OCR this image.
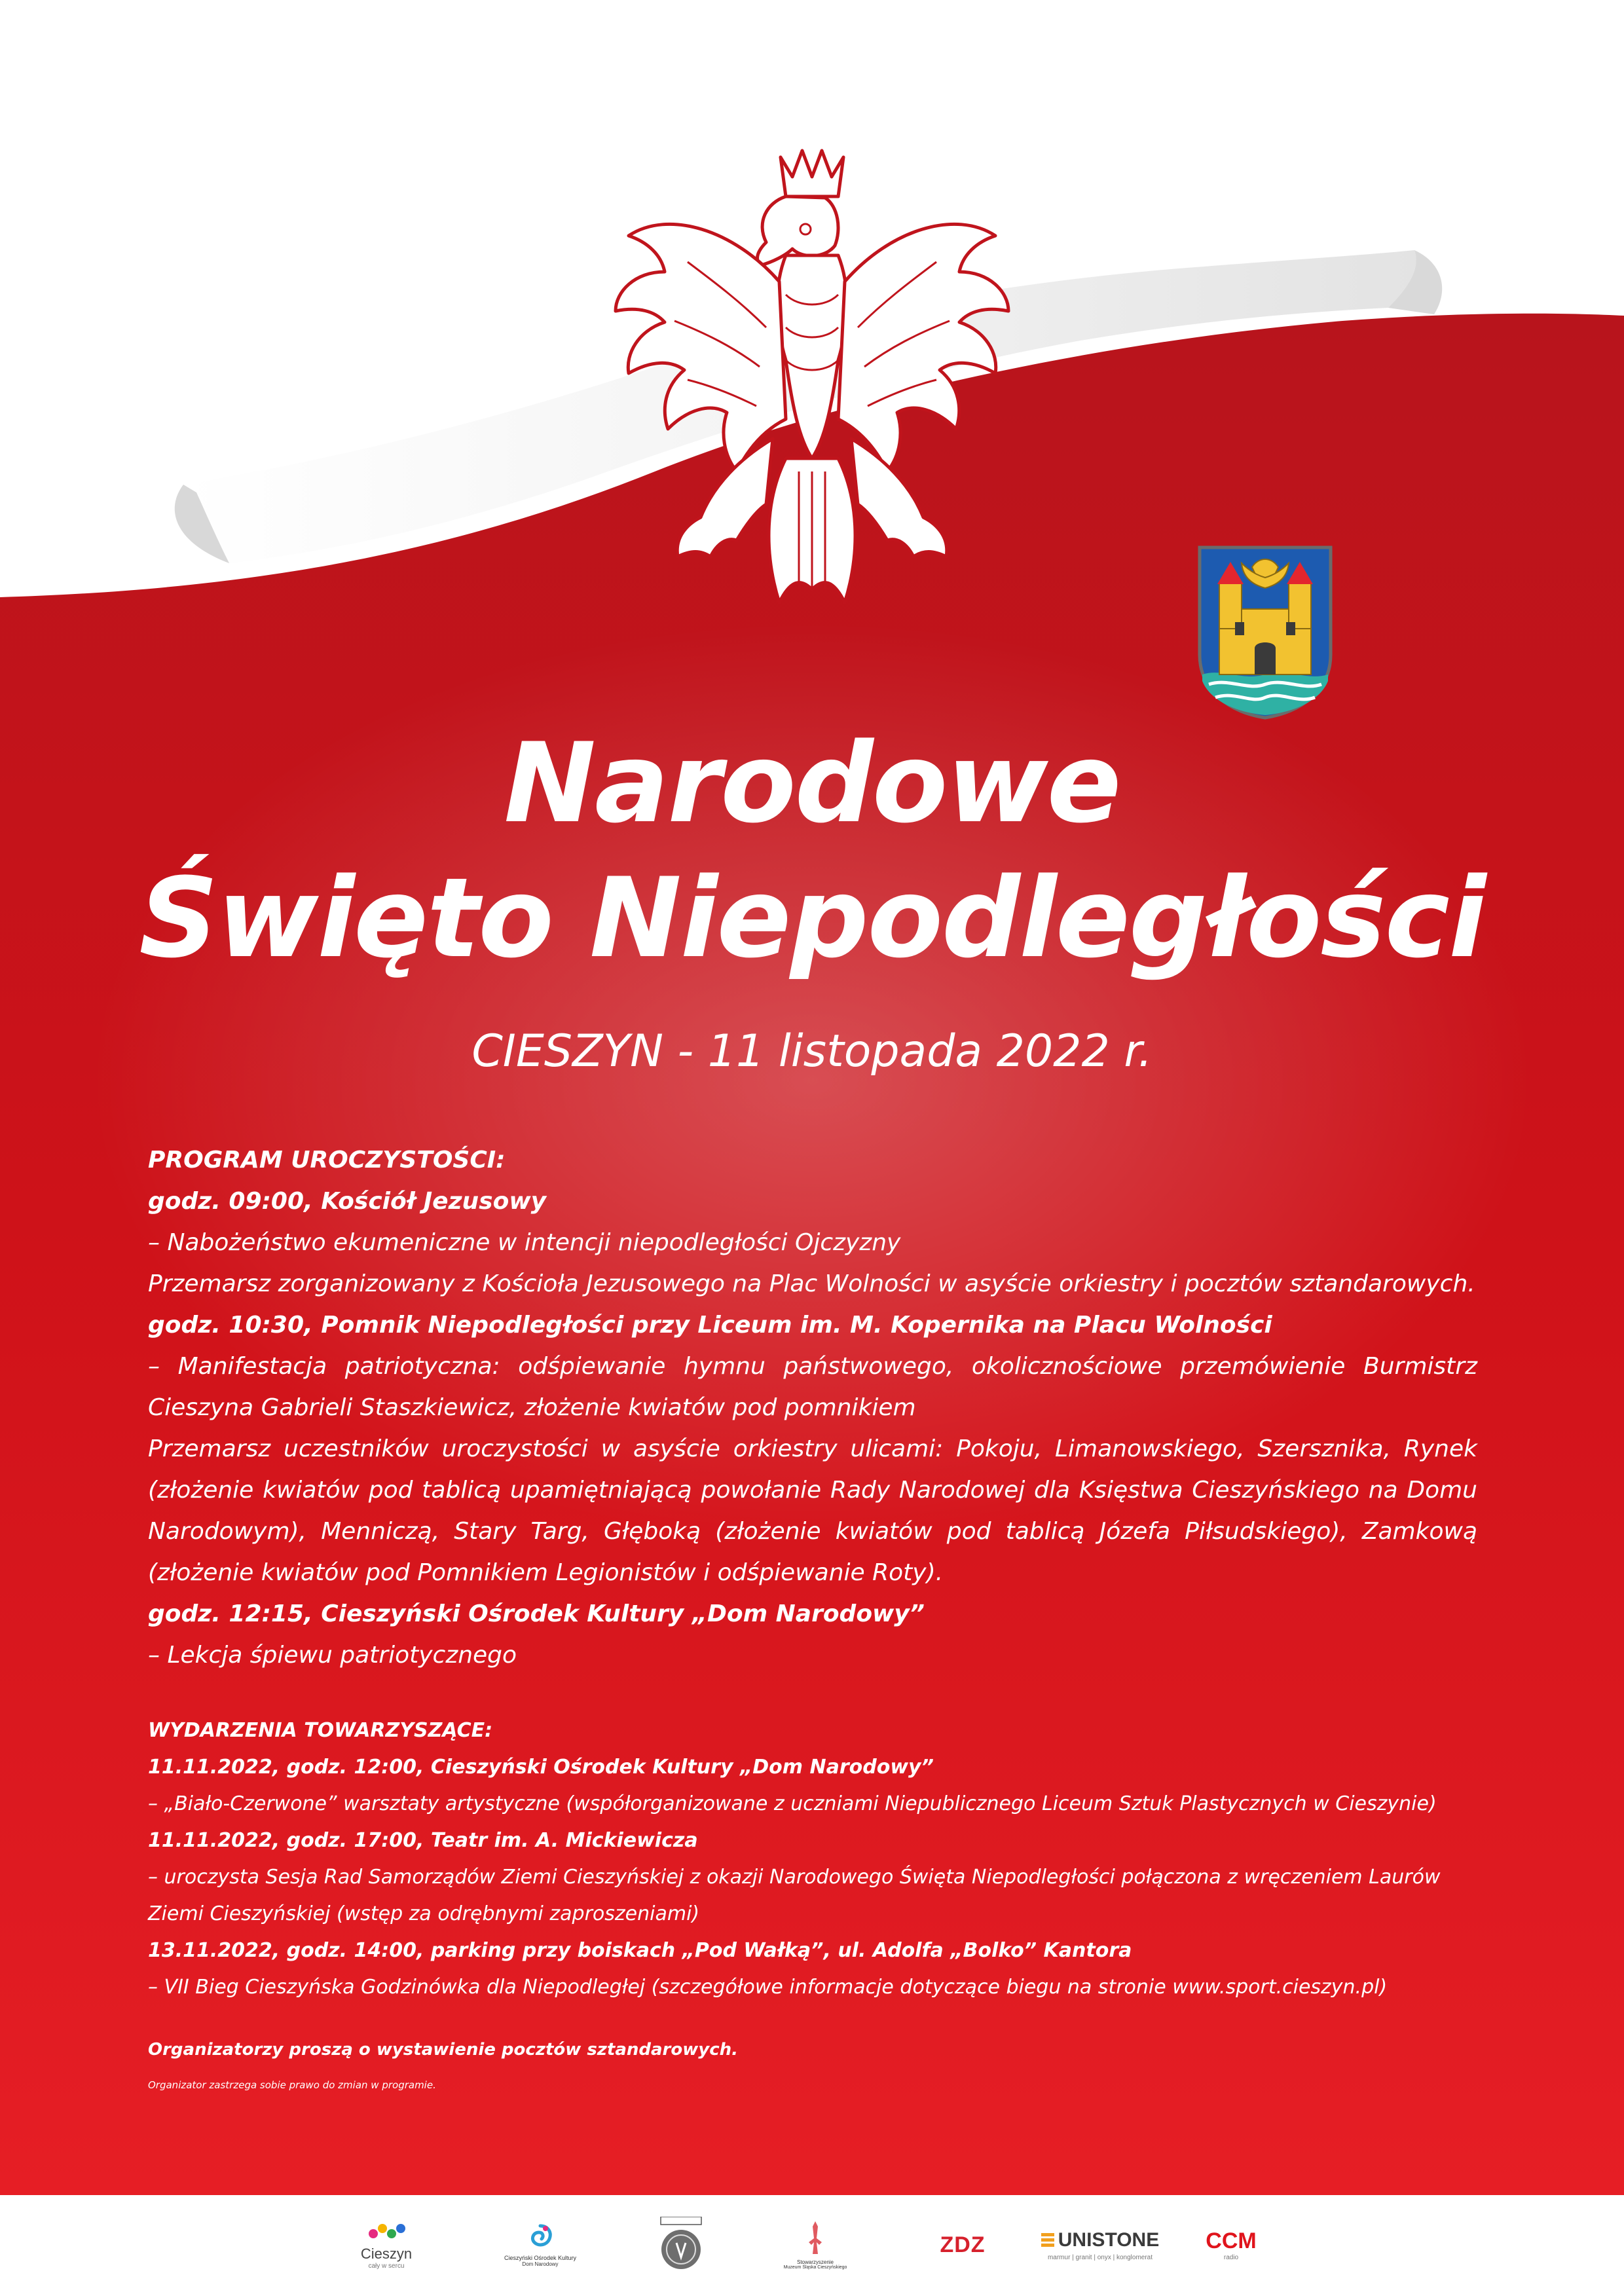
Narodowe
Święto Niepodległości
CIESZYN - 11 listopada 2022 r.
PROGRAM UROCZYSTOŚCI:
godz. 09:00, Kościół Jezusowy
– Nabożeństwo ekumeniczne w intencji niepodległości Ojczyzny
Przemarsz zorganizowany z Kościoła Jezusowego na Plac Wolności w asyście orkiestry i pocztów sztandarowych.
godz. 10:30, Pomnik Niepodległości przy Liceum im. M. Kopernika na Placu Wolności
– Manifestacja patriotyczna: odśpiewanie hymnu państwowego, okolicznościowe przemówienie Burmistrz Cieszyna Gabrieli Staszkiewicz, złożenie kwiatów pod pomnikiem
Przemarsz uczestników uroczystości w asyście orkiestry ulicami: Pokoju, Limanowskiego, Szersznika, Rynek (złożenie kwiatów pod tablicą upamiętniającą powołanie Rady Narodowej dla Księstwa Cieszyńskiego na Domu Narodowym), Menniczą, Stary Targ, Głęboką (złożenie kwiatów pod tablicą Józefa Piłsudskiego), Zamkową (złożenie kwiatów pod Pomnikiem Legionistów i odśpiewanie Roty).
godz. 12:15, Cieszyński Ośrodek Kultury „Dom Narodowy”
– Lekcja śpiewu patriotycznego
WYDARZENIA TOWARZYSZĄCE:
11.11.2022, godz. 12:00, Cieszyński Ośrodek Kultury „Dom Narodowy”
– „Biało-Czerwone” warsztaty artystyczne (współorganizowane z uczniami Niepublicznego Liceum Sztuk Plastycznych w Cieszynie)
11.11.2022, godz. 17:00, Teatr im. A. Mickiewicza
– uroczysta Sesja Rad Samorządów Ziemi Cieszyńskiej z okazji Narodowego Święta Niepodległości połączona z wręczeniem Laurów Ziemi Cieszyńskiej (wstęp za odrębnymi zaproszeniami)
13.11.2022, godz. 14:00, parking przy boiskach „Pod Wałką”, ul. Adolfa „Bolko” Kantora
– VII Bieg Cieszyńska Godzinówka dla Niepodległej (szczegółowe informacje dotyczące biegu na stronie www.sport.cieszyn.pl)
Organizatorzy proszą o wystawienie pocztów sztandarowych.
Organizator zastrzega sobie prawo do zmian w programie.
Cieszyn
cały w sercu
Cieszyński Ośrodek Kultury
Dom Narodowy	Stowarzyszenie
Muzeum Śląska Cieszyńskiego
ZDZ	UNISTONE
marmur | granit | onyx | konglomerat
CCM
radio
